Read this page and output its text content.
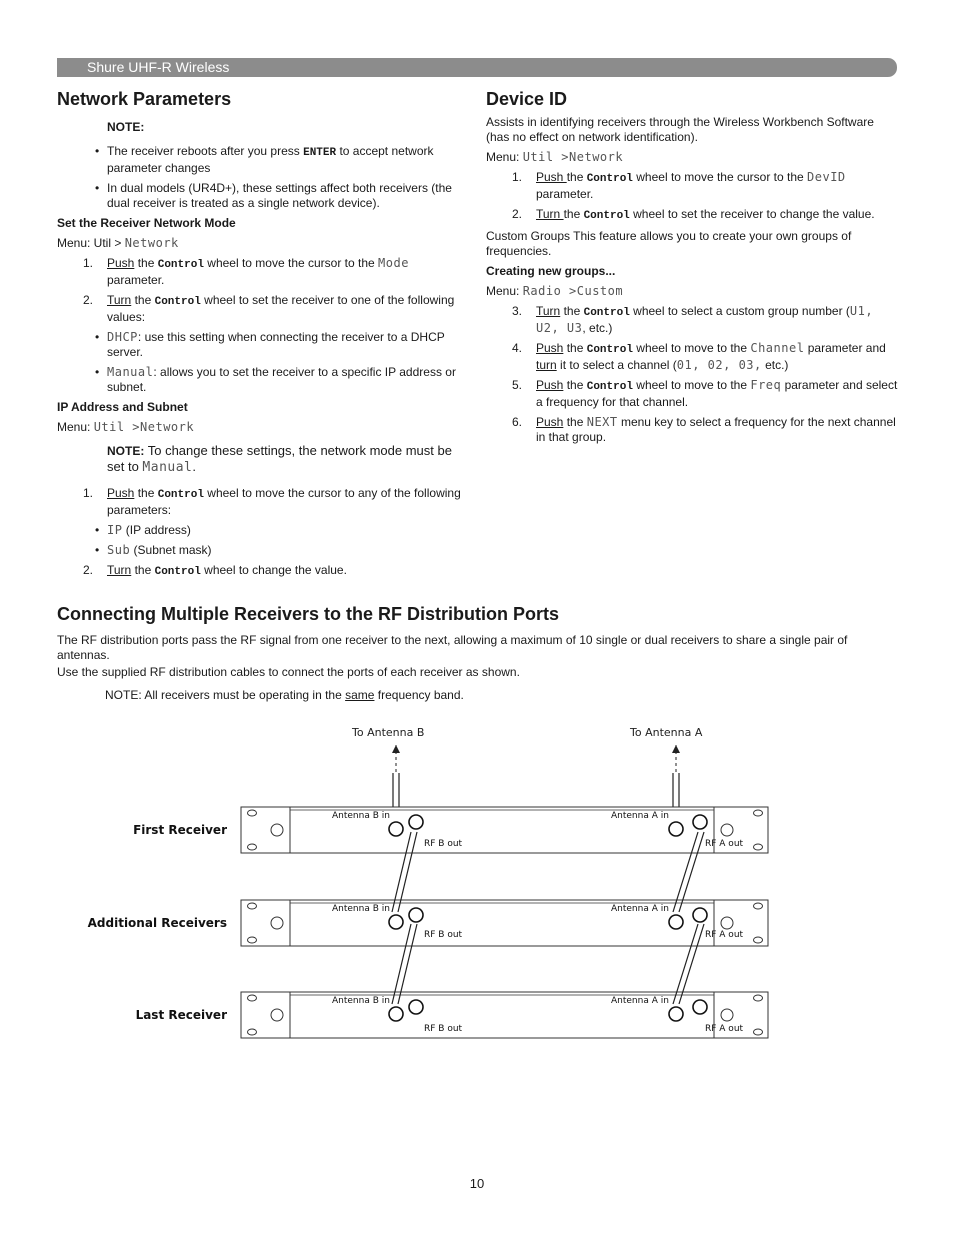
Shure UHF-R Wireless
Network Parameters
NOTE:
• The receiver reboots after you press ENTER to accept network parameter changes
• In dual models (UR4D+), these settings affect both receivers (the dual receiver is treated as a single network device).
Set the Receiver Network Mode
Menu: Util > Network
1. Push the Control wheel to move the cursor to the Mode parameter.
2. Turn the Control wheel to set the receiver to one of the following values:
• DHCP: use this setting when connecting the receiver to a DHCP server.
• Manual: allows you to set the receiver to a specific IP address or subnet.
IP Address and Subnet
Menu: Util >Network
NOTE: To change these settings, the network mode must be set to Manual.
1. Push the Control wheel to move the cursor to any of the following parameters:
• IP (IP address)
• Sub (Subnet mask)
2. Turn the Control wheel to change the value.
Device ID
Assists in identifying receivers through the Wireless Workbench Software (has no effect on network identification).
Menu: Util >Network
1. Push the Control wheel to move the cursor to the DevID parameter.
2. Turn the Control wheel to set the receiver to change the value.
Custom Groups This feature allows you to create your own groups of frequencies.
Creating new groups...
Menu: Radio >Custom
3. Turn the Control wheel to select a custom group number (U1, U2, U3, etc.)
4. Push the Control wheel to move to the Channel parameter and turn it to select a channel (01, 02, 03, etc.)
5. Push the Control wheel to move to the Freq parameter and select a frequency for that channel.
6. Push the NEXT menu key to select a frequency for the next channel in that group.
Connecting Multiple Receivers to the RF Distribution Ports
The RF distribution ports pass the RF signal from one receiver to the next, allowing a maximum of 10 single or dual receivers to share a single pair of antennas.
Use the supplied RF distribution cables to connect the ports of each receiver as shown.
NOTE: All receivers must be operating in the same frequency band.
To Antenna B	To Antenna A
Antenna B in
RF B out
Antenna A in
RF A out
First Receiver
Antenna B in
RF B out
Antenna A in
RF A out
Additional Receivers
Antenna B in
RF B out
Antenna A in
RF A out
Last Receiver
10
